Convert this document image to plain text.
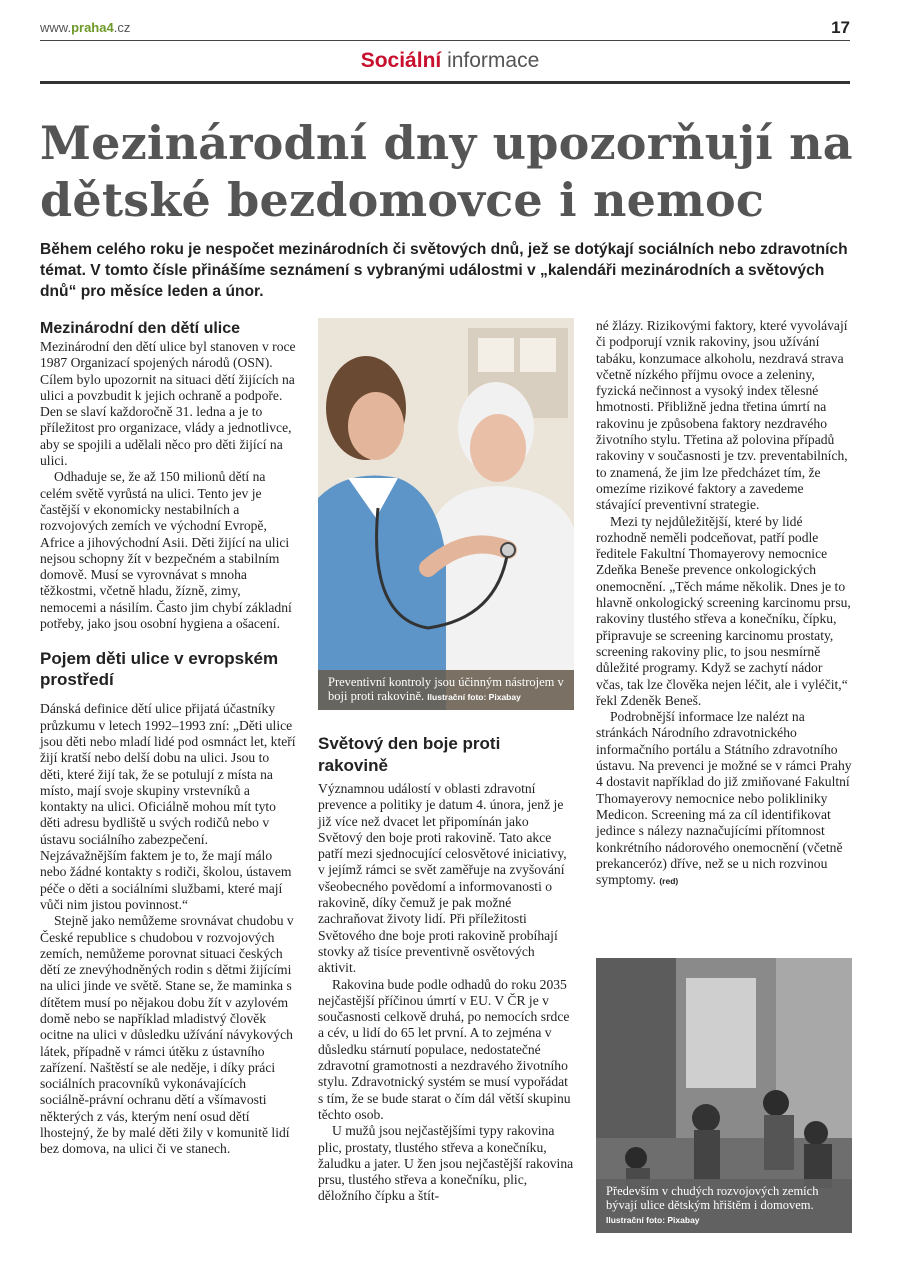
www.praha4.cz	17
Sociální informace
Mezinárodní dny upozorňují na dětské bezdomovce i nemoc

Během celého roku je nespočet mezinárodních či světových dnů, jež se dotýkají sociálních nebo zdravotních témat. V tomto čísle přinášíme seznámení s vybranými událostmi v „kalendáři mezinárodních a světových dnů“ pro měsíce leden a únor.

Mezinárodní den dětí ulice

Mezinárodní den dětí ulice byl stanoven v roce 1987 Organizací spojených národů (OSN). Cílem bylo upozornit na situaci dětí žijících na ulici a povzbudit k jejich ochraně a podpoře. Den se slaví každoročně 31. ledna a je to příležitost pro organizace, vlády a jednotlivce, aby se spojili a udělali něco pro děti žijící na ulici.

Odhaduje se, že až 150 milionů dětí na celém světě vyrůstá na ulici. Tento jev je častější v ekonomicky nestabilních a rozvojových zemích ve východní Evropě, Africe a jihovýchodní Asii. Děti žijící na ulici nejsou schopny žít v bezpečném a stabilním domově. Musí se vyrovnávat s mnoha těžkostmi, včetně hladu, žízně, zimy, nemocemi a násilím. Často jim chybí základní potřeby, jako jsou osobní hygiena a ošacení.

Pojem děti ulice v evropském prostředí

Dánská definice dětí ulice přijatá účastníky průzkumu v letech 1992–1993 zní: „Děti ulice jsou děti nebo mladí lidé pod osmnáct let, kteří žijí kratší nebo delší dobu na ulici. Jsou to děti, které žijí tak, že se potulují z místa na místo, mají svoje skupiny vrstevníků a kontakty na ulici. Oficiálně mohou mít tyto děti adresu bydliště u svých rodičů nebo v ústavu sociálního zabezpečení. Nejzávažnějším faktem je to, že mají málo nebo žádné kontakty s rodiči, školou, ústavem péče o děti a sociálními službami, které mají vůči nim jistou povinnost.“

Stejně jako nemůžeme srovnávat chudobu v České republice s chudobou v rozvojových zemích, nemůžeme porovnat situaci českých dětí ze znevýhodněných rodin s dětmi žijícími na ulici jinde ve světě. Stane se, že maminka s dítětem musí po nějakou dobu žít v azylovém domě nebo se například mladistvý člověk ocitne na ulici v důsledku užívání návykových látek, případně v rámci útěku z ústavního zařízení. Naštěstí se ale neděje, i díky práci sociálních pracovníků vykonávajících sociálně-právní ochranu dětí a všímavosti některých z vás, kterým není osud dětí lhostejný, že by malé děti žily v komunitě lidí bez domova, na ulici či ve stanech.

Preventivní kontroly jsou účinným nástrojem v boji proti rakovině. Ilustrační foto: Pixabay
Světový den boje proti rakovině

Významnou událostí v oblasti zdravotní prevence a politiky je datum 4. února, jenž je již více než dvacet let připomínán jako Světový den boje proti rakovině. Tato akce patří mezi sjednocující celosvětové iniciativy, v jejímž rámci se svět zaměřuje na zvyšování všeobecného povědomí a informovanosti o rakovině, díky čemuž je pak možné zachraňovat životy lidí. Při příležitosti Světového dne boje proti rakovině probíhají stovky až tisíce preventivně osvětových aktivit.

Rakovina bude podle odhadů do roku 2035 nejčastější příčinou úmrtí v EU. V ČR je v současnosti celkově druhá, po nemocích srdce a cév, u lidí do 65 let první. A to zejména v důsledku stárnutí populace, nedostatečné zdravotní gramotnosti a nezdravého životního stylu. Zdravotnický systém se musí vypořádat s tím, že se bude starat o čím dál větší skupinu těchto osob.

U mužů jsou nejčastějšími typy rakovina plic, prostaty, tlustého střeva a konečníku, žaludku a jater. U žen jsou nejčastější rakovina prsu, tlustého střeva a konečníku, plic, děložního čípku a štít-

né žlázy. Rizikovými faktory, které vyvolávají či podporují vznik rakoviny, jsou užívání tabáku, konzumace alkoholu, nezdravá strava včetně nízkého příjmu ovoce a zeleniny, fyzická nečinnost a vysoký index tělesné hmotnosti. Přibližně jedna třetina úmrtí na rakovinu je způsobena faktory nezdravého životního stylu. Třetina až polovina případů rakoviny v současnosti je tzv. preventabilních, to znamená, že jim lze předcházet tím, že omezíme rizikové faktory a zavedeme stávající preventivní strategie.

Mezi ty nejdůležitější, které by lidé rozhodně neměli podceňovat, patří podle ředitele Fakultní Thomayerovy nemocnice Zdeňka Beneše prevence onkologických onemocnění. „Těch máme několik. Dnes je to hlavně onkologický screening karcinomu prsu, rakoviny tlustého střeva a konečníku, čípku, připravuje se screening karcinomu prostaty, screening rakoviny plic, to jsou nesmírně důležité programy. Když se zachytí nádor včas, tak lze člověka nejen léčit, ale i vyléčit,“ řekl Zdeněk Beneš.

Podrobnější informace lze nalézt na stránkách Národního zdravotnického informačního portálu a Státního zdravotního ústavu. Na prevenci je možné se v rámci Prahy 4 dostavit například do již zmiňované Fakultní Thomayerovy nemocnice nebo polikliniky Medicon. Screening má za cíl identifikovat jedince s nálezy naznačujícími přítomnost konkrétního nádorového onemocnění (včetně prekanceróz) dříve, než se u nich rozvinou symptomy. (red)

Především v chudých rozvojových zemích bývají ulice dětským hřištěm i domovem. Ilustrační foto: Pixabay
